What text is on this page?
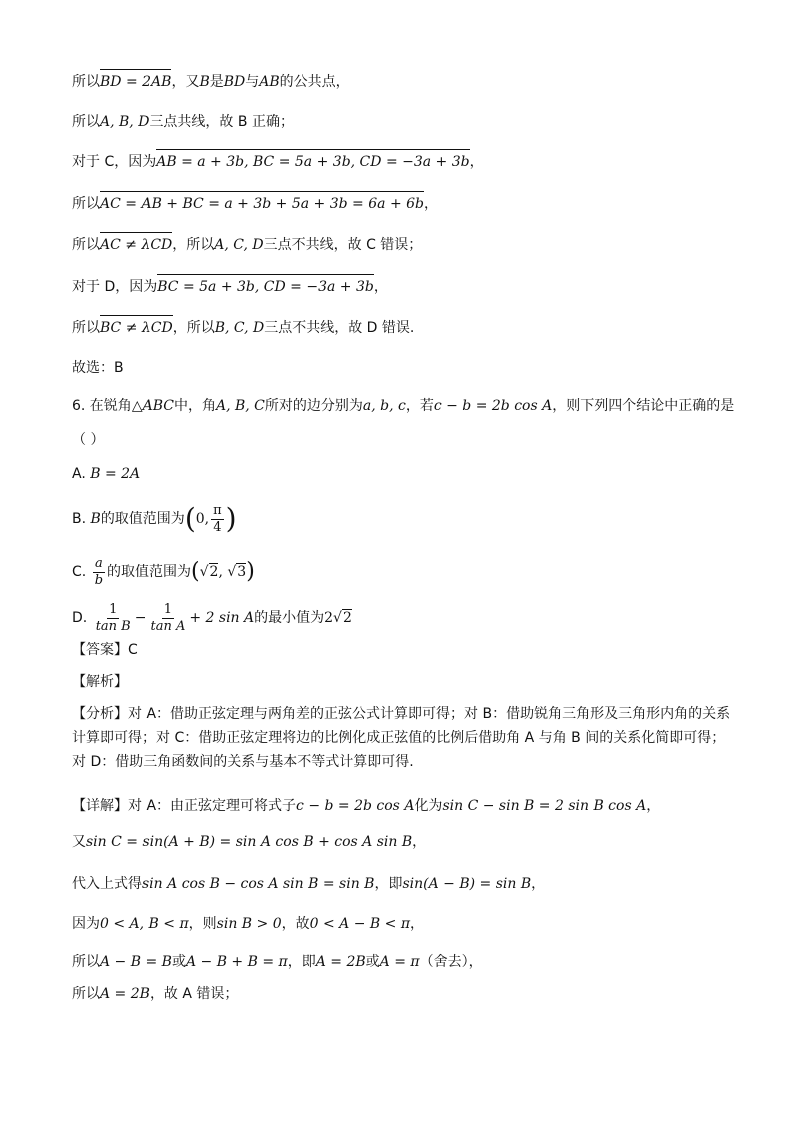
所以BD = 2AB，又B是BD与AB的公共点，
所以A, B, D三点共线，故 B 正确；
对于 C，因为AB = a + 3b, BC = 5a + 3b, CD = −3a + 3b，
所以AC = AB + BC = a + 3b + 5a + 3b = 6a + 6b，
所以AC ≠ λCD，所以A, C, D三点不共线，故 C 错误；
对于 D，因为BC = 5a + 3b, CD = −3a + 3b，
所以BC ≠ λCD，所以B, C, D三点不共线，故 D 错误.
故选：B
6. 在锐角△ABC中，角A, B, C所对的边分别为a, b, c，若c − b = 2b cos A，则下列四个结论中正确的是
（ ）
A. B = 2A
B. B的取值范围为(0, $\frac{\pi}{4}$ )
C. $\frac{a}{b}$ 的取值范围为(√2, √3)
D. $\frac{1}{\text{tan B}} - \frac{1}{\text{tan A}} + 2$ sin A的最小值为2√2
【答案】C
【解析】
【分析】对 A：借助正弦定理与两角差的正弦公式计算即可得；对 B：借助锐角三角形及三角形内角的关系计算即可得；对 C：借助正弦定理将边的比例化成正弦值的比例后借助角 A 与角 B 间的关系化简即可得；对 D：借助三角函数间的关系与基本不等式计算即可得.
【详解】对 A：由正弦定理可将式子c − b = 2b cos A化为sin C − sin B = 2 sin B cos A，
又sin C = sin(A + B) = sin A cos B + cos A sin B，
代入上式得sin A cos B − cos A sin B = sin B，即sin(A − B) = sin B，
因为0 < A, B < π，则sin B > 0，故0 < A − B < π，
所以A − B = B或A − B + B = π，即A = 2B或A = π（舍去），
所以A = 2B，故 A 错误；
